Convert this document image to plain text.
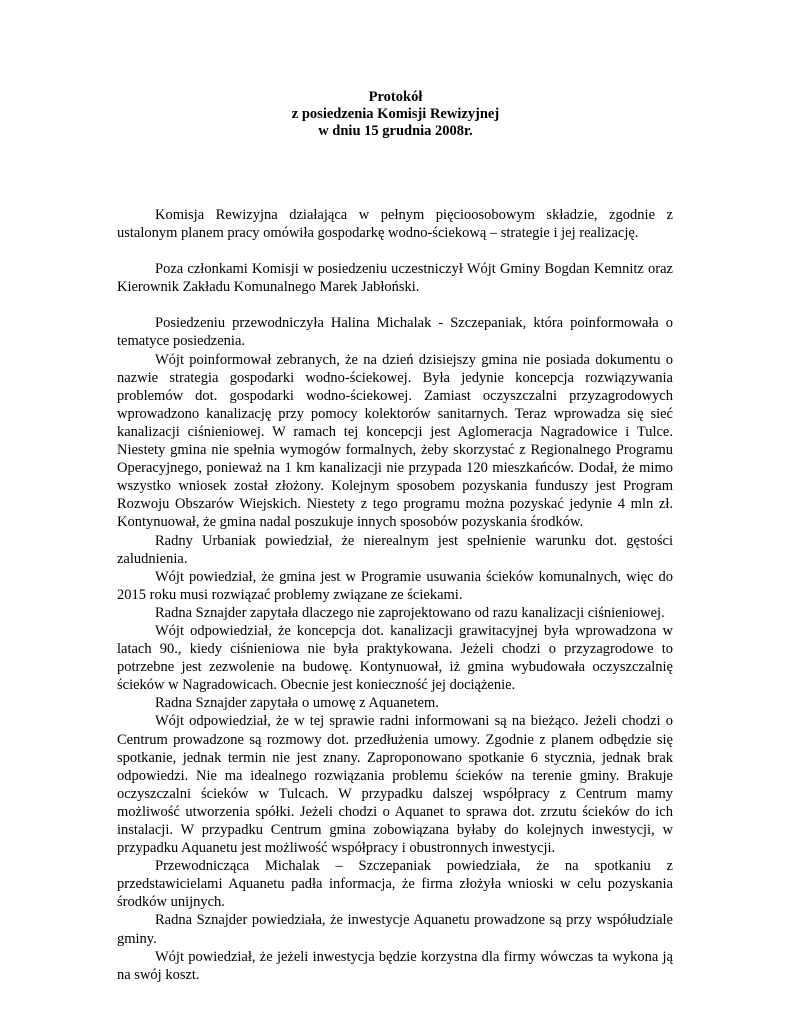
Protokół
z posiedzenia Komisji Rewizyjnej
w dniu 15 grudnia 2008r.

Komisja Rewizyjna działająca w pełnym pięcioosobowym składzie, zgodnie z ustalonym planem pracy omówiła gospodarkę wodno-ściekową – strategie i jej realizację.

Poza członkami Komisji w posiedzeniu uczestniczył Wójt Gminy Bogdan Kemnitz oraz Kierownik Zakładu Komunalnego Marek Jabłoński.

Posiedzeniu przewodniczyła Halina Michalak - Szczepaniak, która poinformowała o tematyce posiedzenia.

Wójt poinformował zebranych, że na dzień dzisiejszy gmina nie posiada dokumentu o nazwie strategia gospodarki wodno-ściekowej. Była jedynie koncepcja rozwiązywania problemów dot. gospodarki wodno-ściekowej. Zamiast oczyszczalni przyzagrodowych wprowadzono kanalizację przy pomocy kolektorów sanitarnych. Teraz wprowadza się sieć kanalizacji ciśnieniowej. W ramach tej koncepcji jest Aglomeracja Nagradowice i Tulce. Niestety gmina nie spełnia wymogów formalnych, żeby skorzystać z Regionalnego Programu Operacyjnego, ponieważ na 1 km kanalizacji nie przypada 120 mieszkańców. Dodał, że mimo wszystko wniosek został złożony. Kolejnym sposobem pozyskania funduszy jest Program Rozwoju Obszarów Wiejskich. Niestety z tego programu można pozyskać jedynie 4 mln zł. Kontynuował, że gmina nadal poszukuje innych sposobów pozyskania środków.

Radny Urbaniak powiedział, że nierealnym jest spełnienie warunku dot. gęstości zaludnienia.

Wójt powiedział, że gmina jest w Programie usuwania ścieków komunalnych, więc do 2015 roku musi rozwiązać problemy związane ze ściekami.

Radna Sznajder zapytała dlaczego nie zaprojektowano od razu kanalizacji ciśnieniowej.

Wójt odpowiedział, że koncepcja dot. kanalizacji grawitacyjnej była wprowadzona w latach 90., kiedy ciśnieniowa nie była praktykowana. Jeżeli chodzi o przyzagrodowe to potrzebne jest zezwolenie na budowę. Kontynuował, iż gmina wybudowała oczyszczalnię ścieków w Nagradowicach. Obecnie jest konieczność jej dociążenie.

Radna Sznajder zapytała o umowę z Aquanetem.

Wójt odpowiedział, że w tej sprawie radni informowani są na bieżąco. Jeżeli chodzi o Centrum prowadzone są rozmowy dot. przedłużenia umowy. Zgodnie z planem odbędzie się spotkanie, jednak termin nie jest znany. Zaproponowano spotkanie 6 stycznia, jednak brak odpowiedzi. Nie ma idealnego rozwiązania problemu ścieków na terenie gminy. Brakuje oczyszczalni ścieków w Tulcach. W przypadku dalszej współpracy z Centrum mamy możliwość utworzenia spółki. Jeżeli chodzi o Aquanet to sprawa dot. zrzutu ścieków do ich instalacji. W przypadku Centrum gmina zobowiązana byłaby do kolejnych inwestycji, w przypadku Aquanetu jest możliwość współpracy i obustronnych inwestycji.

Przewodnicząca Michalak – Szczepaniak powiedziała, że na spotkaniu z przedstawicielami Aquanetu padła informacja, że firma złożyła wnioski w celu pozyskania środków unijnych.

Radna Sznajder powiedziała, że inwestycje Aquanetu prowadzone są przy współudziale gminy.

Wójt powiedział, że jeżeli inwestycja będzie korzystna dla firmy wówczas ta wykona ją na swój koszt.
